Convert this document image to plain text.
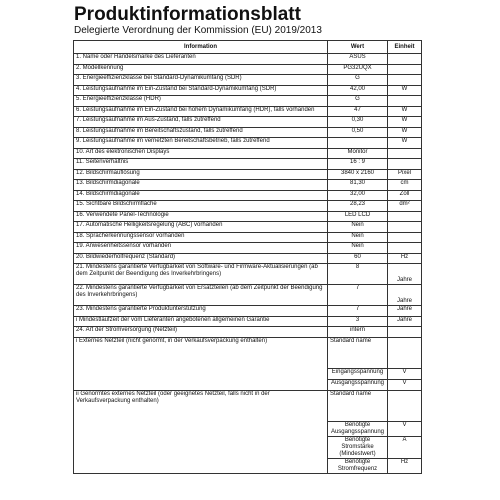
Produktinformationsblatt
Delegierte Verordnung der Kommission (EU) 2019/2013
Information	Wert	Einheit
1. Name oder Handelsmarke des Lieferanten	ASUS	
2. Modellkennung	PG32UQX	
3. Energieeffizienzklasse bei Standard-Dynamikumfang (SDR)	G	
4. Leistungsaufnahme im Ein-Zustand bei Standard-Dynamikumfang (SDR)	42,00	W
5. Energieeffizienzklasse (HDR)	G	
6. Leistungsaufnahme im Ein-Zustand bei hohem Dynamikumfang (HDR), falls vorhanden	47	W
7. Leistungsaufnahme im Aus-Zustand, falls zutreffend	0,30	W
8. Leistungsaufnahme im Bereitschaftszustand, falls zutreffend	0,50	W
9. Leistungsaufnahme im vernetzten Bereitschaftsbetrieb, falls zutreffend		W
10. Art des elektronischen Displays	Monitor	
11. Seitenverhältnis	16 : 9	
12. Bildschirmauflösung	3840 x 2160	Pixel
13. Bildschirmdiagonale	81,30	cm
14. Bildschirmdiagonale	32,00	Zoll
15. Sichtbare Bildschirmfläche	28,23	dm²
16. Verwendete Panel-Technologie	LED LCD	
17. Automatische Helligkeitsregelung (ABC) vorhanden	Nein	
18. Spracherkennungssensor vorhanden	Nein	
19. Anwesenheitssensor vorhanden	Nein	
20. Bildwiederholfrequenz (Standard)	60	Hz
21. Mindestens garantierte Verfügbarkeit von Software- und Firmware-Aktualisierungen (ab dem Zeitpunkt der Beendigung des Inverkehrbringens)	8	Jahre
22. Mindestens garantierte Verfügbarkeit von Ersatzteilen (ab dem Zeitpunkt der Beendigung des Inverkehrbringens)	7	Jahre
23. Mindestens garantierte Produktunterstützung	7	Jahre
i Mindestlaufzeit der vom Lieferanten angebotenen allgemeinen Garantie	3	Jahre
24. Art der Stromversorgung (Netzteil)	intern	
i Externes Netzteil (nicht genormt, in der Verkaufsverpackung enthalten)	Standard name	
	Eingangsspannung	V
	Ausgangsspannung	V
ii Genormtes externes Netzteil (oder geeignetes Netzteil, falls nicht in der Verkaufsverpackung enthalten)	Standard name	
	Benötigte Ausgangsspannung	V
	Benötigte Stromstärke (Mindestwert)	A
	Benötigte Stromfrequenz	Hz
